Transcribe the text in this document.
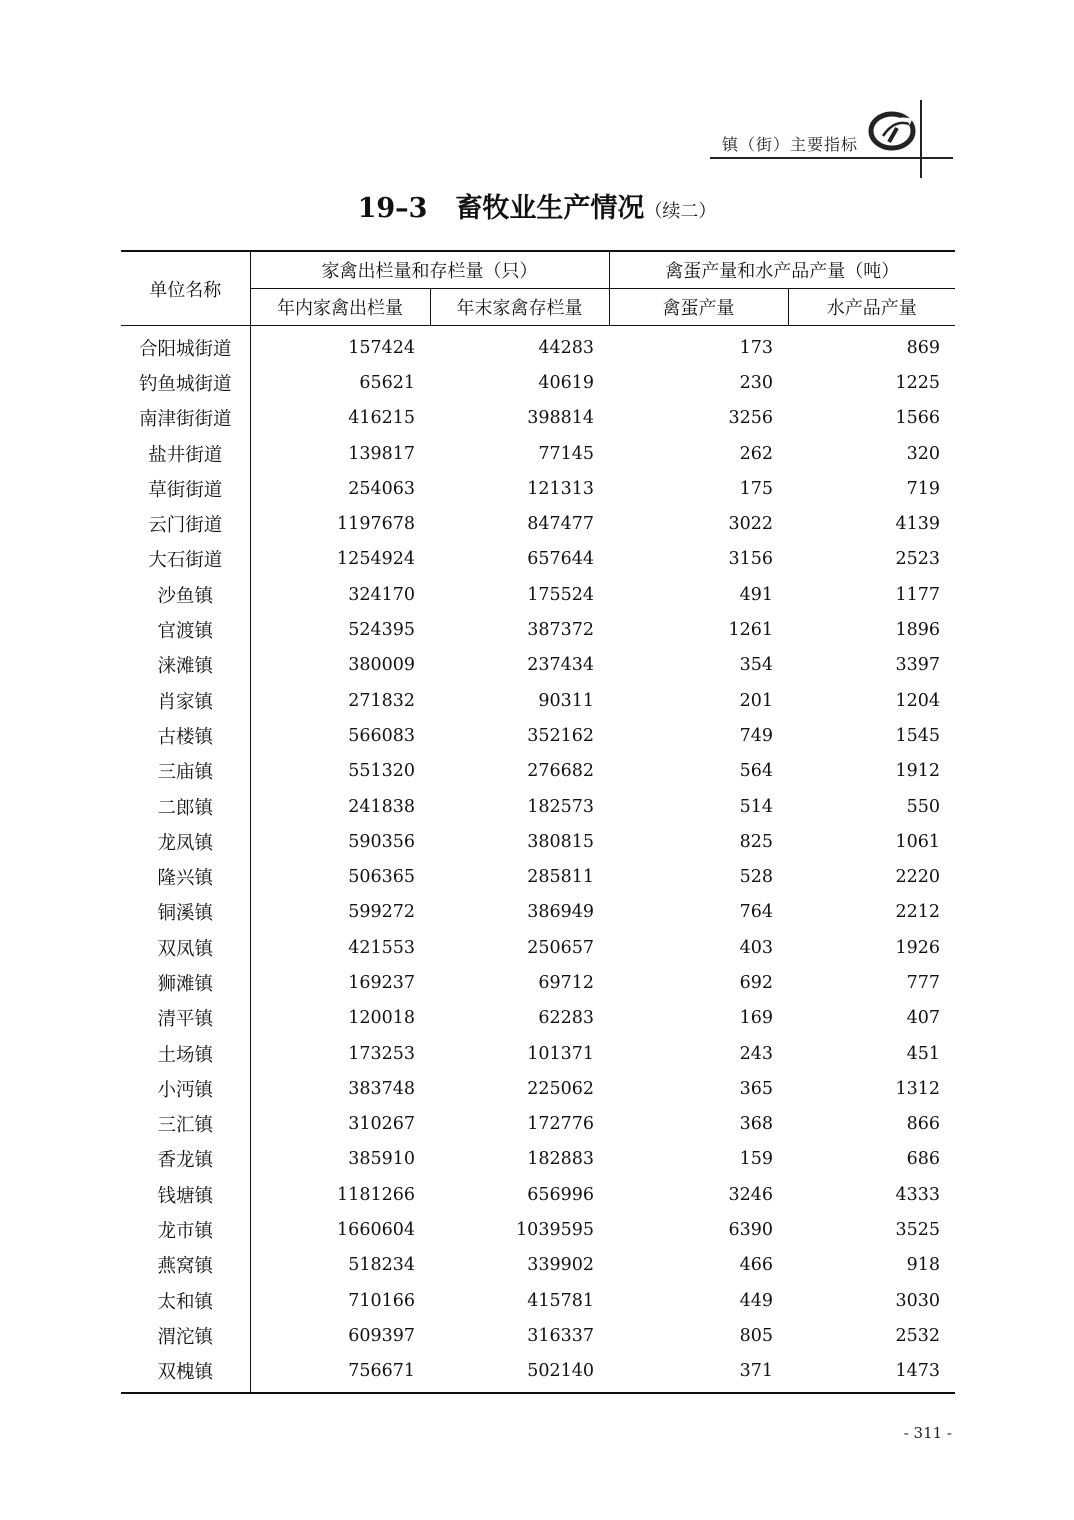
镇（街）主要指标
19–3 畜牧业生产情况（续二）
单位名称	家禽出栏量和存栏量（只）		禽蛋产量和水产品产量（吨）	
	年内家禽出栏量	年末家禽存栏量	禽蛋产量	水产品产量
合阳城街道	157424	44283	173	869
钓鱼城街道	65621	40619	230	1225
南津街街道	416215	398814	3256	1566
盐井街道	139817	77145	262	320
草街街道	254063	121313	175	719
云门街道	1197678	847477	3022	4139
大石街道	1254924	657644	3156	2523
沙鱼镇	324170	175524	491	1177
官渡镇	524395	387372	1261	1896
涞滩镇	380009	237434	354	3397
肖家镇	271832	90311	201	1204
古楼镇	566083	352162	749	1545
三庙镇	551320	276682	564	1912
二郎镇	241838	182573	514	550
龙凤镇	590356	380815	825	1061
隆兴镇	506365	285811	528	2220
铜溪镇	599272	386949	764	2212
双凤镇	421553	250657	403	1926
狮滩镇	169237	69712	692	777
清平镇	120018	62283	169	407
土场镇	173253	101371	243	451
小沔镇	383748	225062	365	1312
三汇镇	310267	172776	368	866
香龙镇	385910	182883	159	686
钱塘镇	1181266	656996	3246	4333
龙市镇	1660604	1039595	6390	3525
燕窝镇	518234	339902	466	918
太和镇	710166	415781	449	3030
渭沱镇	609397	316337	805	2532
双槐镇	756671	502140	371	1473
- 311 -
